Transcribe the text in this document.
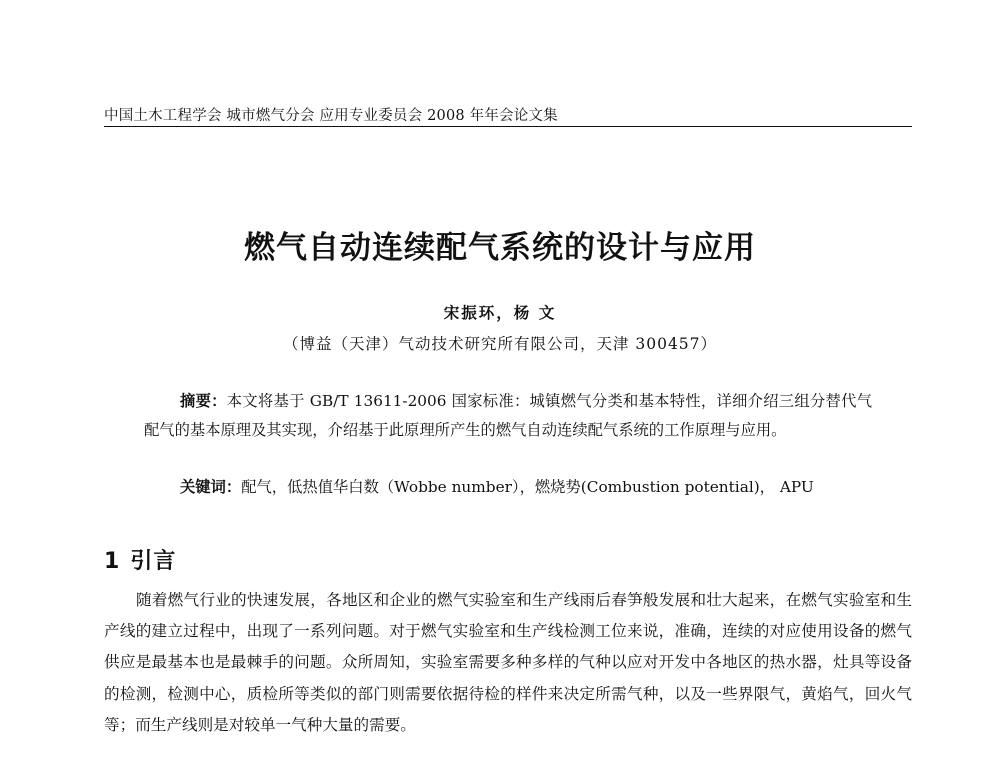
中国土木工程学会 城市燃气分会 应用专业委员会 2008 年年会论文集
燃气自动连续配气系统的设计与应用
宋振环，杨 文
（博益（天津）气动技术研究所有限公司，天津 300457）

摘要：本文将基于 GB/T 13611-2006 国家标准：城镇燃气分类和基本特性，详细介绍三组分替代气配气的基本原理及其实现，介绍基于此原理所产生的燃气自动连续配气系统的工作原理与应用。

关键词：配气，低热值华白数（Wobbe number），燃烧势(Combustion potential)， APU
1 引言

随着燃气行业的快速发展，各地区和企业的燃气实验室和生产线雨后春笋般发展和壮大起来，在燃气实验室和生产线的建立过程中，出现了一系列问题。对于燃气实验室和生产线检测工位来说，准确，连续的对应使用设备的燃气供应是最基本也是最棘手的问题。众所周知，实验室需要多种多样的气种以应对开发中各地区的热水器，灶具等设备的检测，检测中心，质检所等类似的部门则需要依据待检的样件来决定所需气种，以及一些界限气，黄焰气，回火气等；而生产线则是对较单一气种大量的需要。
